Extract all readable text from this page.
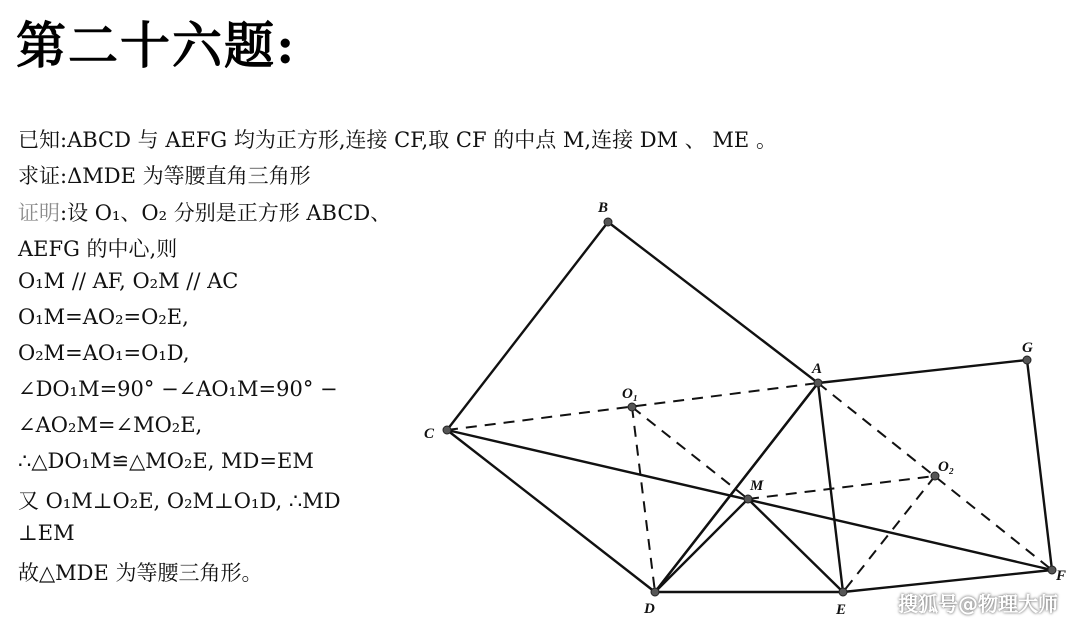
第二十六题:
已知:ABCD 与 AEFG 均为正方形,连接 CF,取 CF 的中点 M,连接 DM 、 ME 。
求证:ΔMDE 为等腰直角三角形
证明:设 O₁、O₂ 分别是正方形 ABCD、
AEFG 的中心,则
O₁M // AF, O₂M // AC
O₁M=AO₂=O₂E,
O₂M=AO₁=O₁D,
∠DO₁M=90° −∠AO₁M=90° −
∠AO₂M=∠MO₂E,
∴△DO₁M≌△MO₂E, MD=EM
又 O₁M⊥O₂E, O₂M⊥O₁D, ∴MD
⊥EM
故△MDE 为等腰三角形。
B
A
G
C
O₁
O₂
M
D	E
F
搜狐号@物理大师
